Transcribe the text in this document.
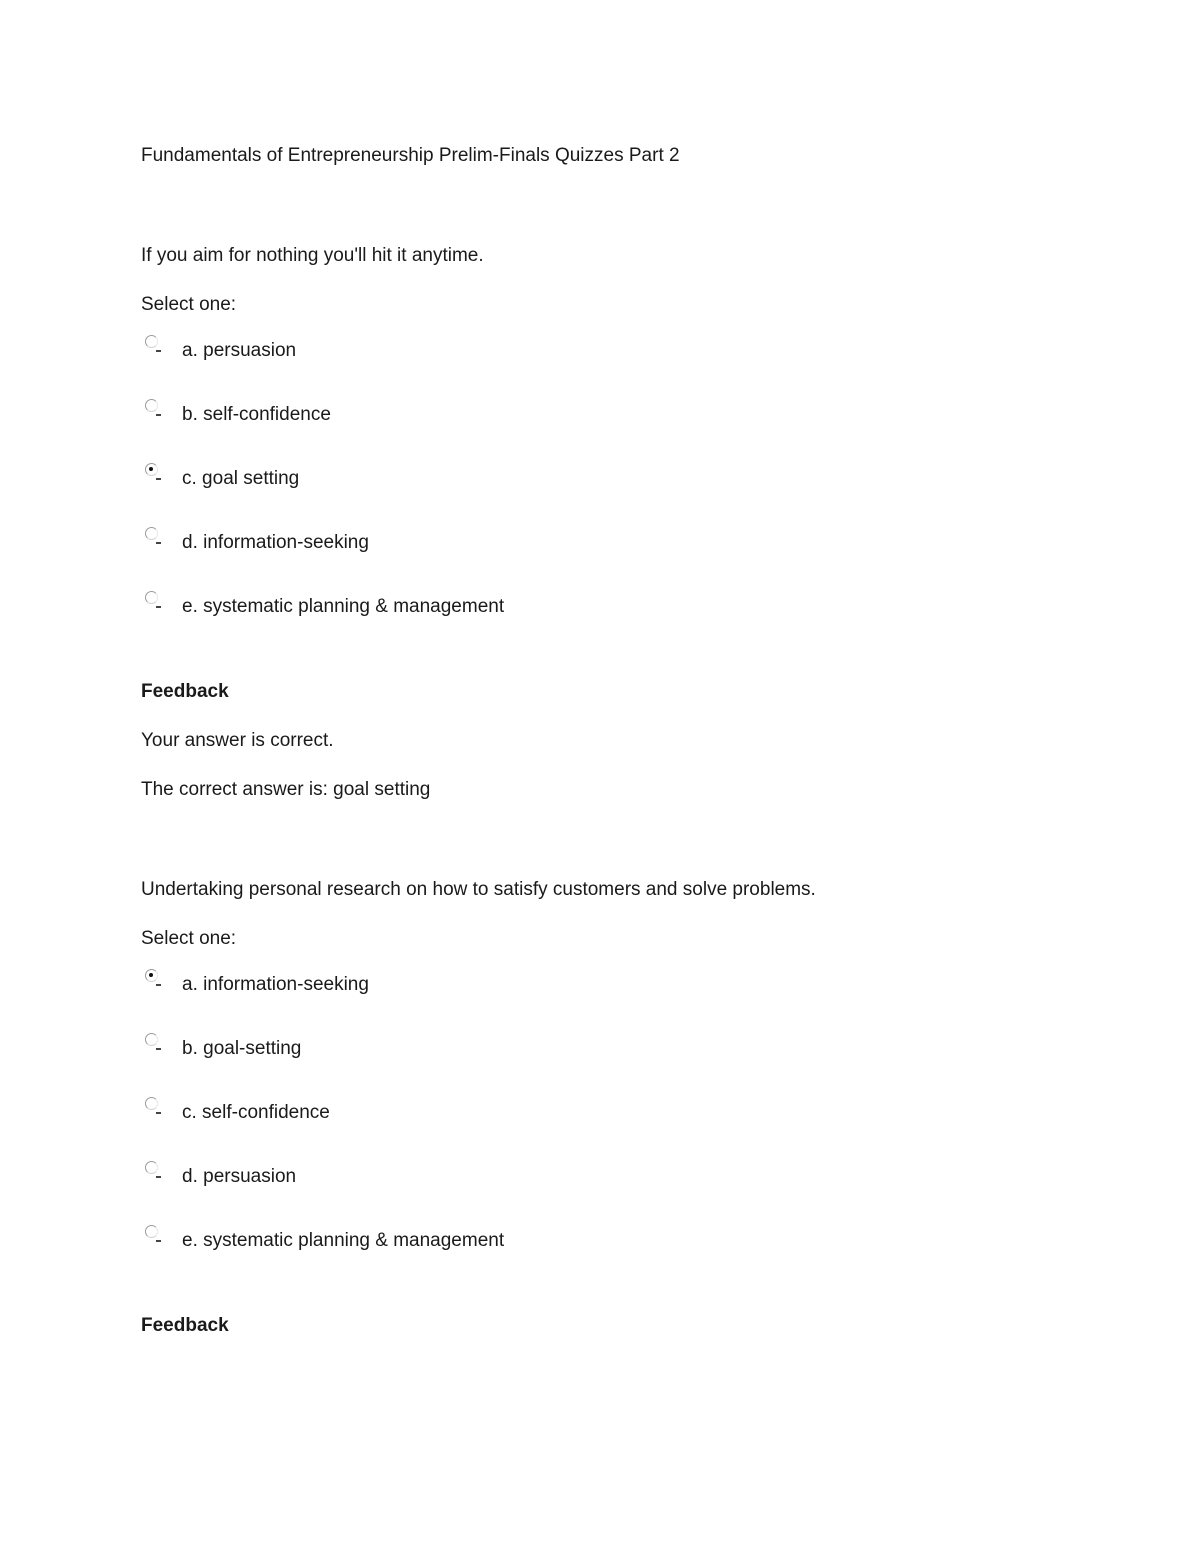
Fundamentals of Entrepreneurship Prelim-Finals Quizzes Part 2
If you aim for nothing you'll hit it anytime.
Select one:
a. persuasion
b. self-confidence
c. goal setting
d. information-seeking
e. systematic planning & management
Feedback
Your answer is correct.
The correct answer is: goal setting
Undertaking personal research on how to satisfy customers and solve problems.
Select one:
a. information-seeking
b. goal-setting
c. self-confidence
d. persuasion
e. systematic planning & management
Feedback
